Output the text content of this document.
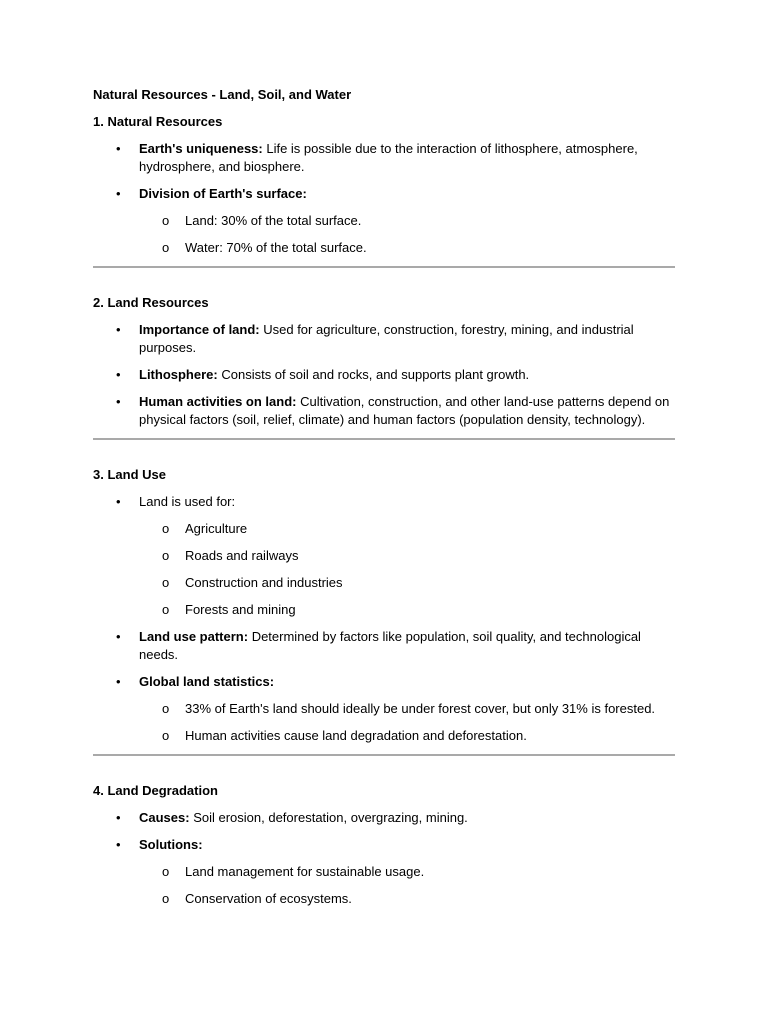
Natural Resources - Land, Soil, and Water

1. Natural Resources

•	Earth's uniqueness: Life is possible due to the interaction of lithosphere, atmosphere, hydrosphere, and biosphere.
•	Division of Earth's surface:
o Land: 30% of the total surface.
o Water: 70% of the total surface.

2. Land Resources

•	Importance of land: Used for agriculture, construction, forestry, mining, and industrial purposes.
•	Lithosphere: Consists of soil and rocks, and supports plant growth.
•	Human activities on land: Cultivation, construction, and other land-use patterns depend on physical factors (soil, relief, climate) and human factors (population density, technology).

3. Land Use

•	Land is used for:
o Agriculture
o Roads and railways
o Construction and industries
o Forests and mining
•	Land use pattern: Determined by factors like population, soil quality, and technological needs.
•	Global land statistics:
o 33% of Earth's land should ideally be under forest cover, but only 31% is forested.
o Human activities cause land degradation and deforestation.

4. Land Degradation

•	Causes: Soil erosion, deforestation, overgrazing, mining.
•	Solutions:
o Land management for sustainable usage.
o Conservation of ecosystems.
